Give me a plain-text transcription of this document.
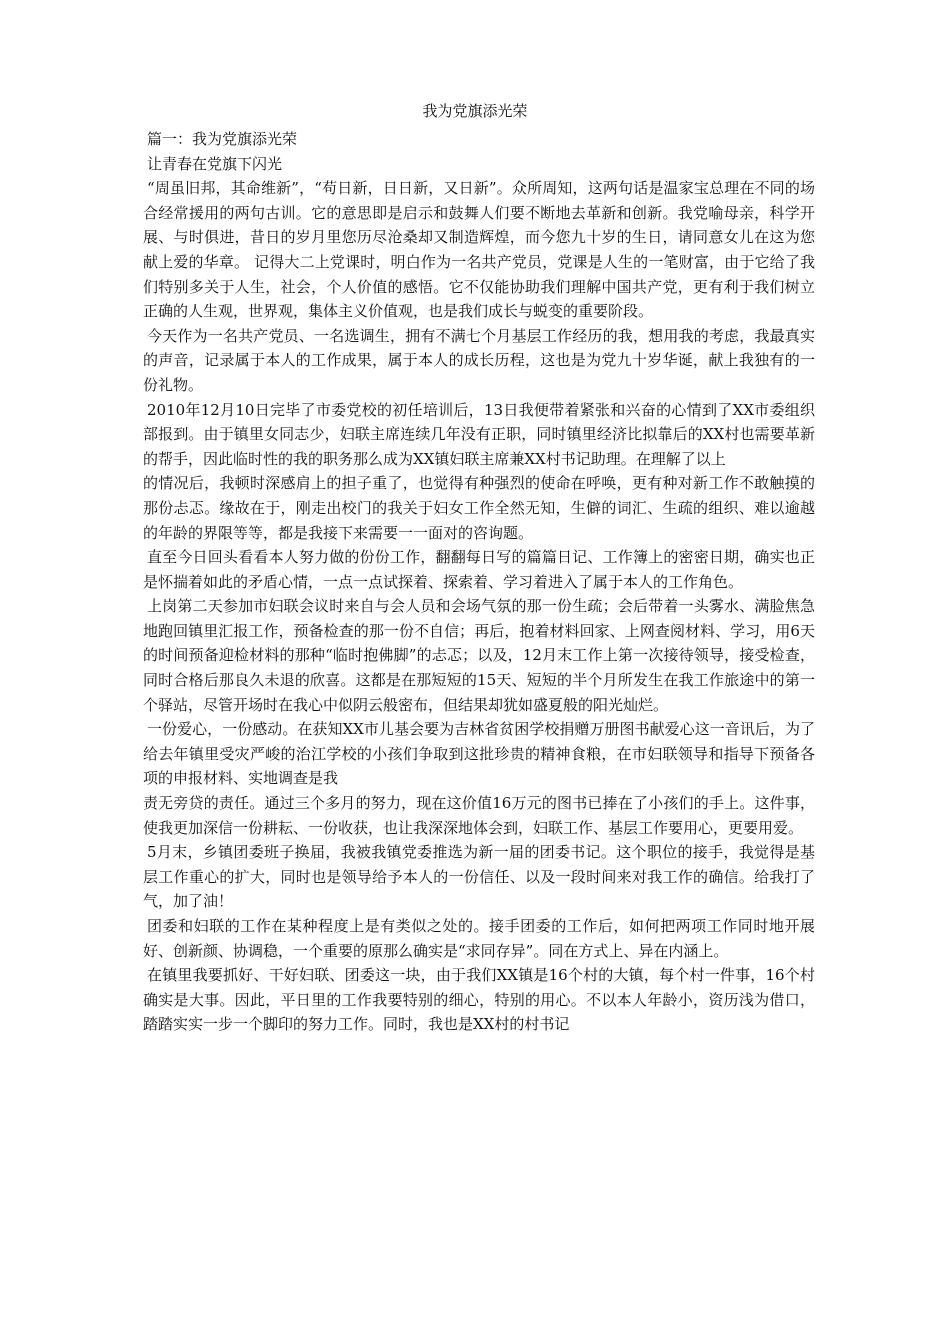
我为党旗添光荣

篇一：我为党旗添光荣

让青春在党旗下闪光

“周虽旧邦，其命维新”，“苟日新，日日新，又日新”。众所周知，这两句话是温家宝总理在不同的场合经常援用的两句古训。它的意思即是启示和鼓舞人们要不断地去革新和创新。我党喻母亲，科学开展、与时俱进，昔日的岁月里您历尽沧桑却又制造辉煌，而今您九十岁的生日，请同意女儿在这为您献上爱的华章。 记得大二上党课时，明白作为一名共产党员，党课是人生的一笔财富，由于它给了我们特别多关于人生，社会，个人价值的感悟。它不仅能协助我们理解中国共产党，更有利于我们树立正确的人生观，世界观，集体主义价值观，也是我们成长与蜕变的重要阶段。

今天作为一名共产党员、一名选调生，拥有不满七个月基层工作经历的我，想用我的考虑，我最真实的声音，记录属于本人的工作成果，属于本人的成长历程，这也是为党九十岁华诞，献上我独有的一份礼物。

2010年12月10日完毕了市委党校的初任培训后，13日我便带着紧张和兴奋的心情到了XX市委组织部报到。由于镇里女同志少，妇联主席连续几年没有正职，同时镇里经济比拟靠后的XX村也需要革新的帮手，因此临时性的我的职务那么成为XX镇妇联主席兼XX村书记助理。在理解了以上

的情况后，我顿时深感肩上的担子重了，也觉得有种强烈的使命在呼唤，更有种对新工作不敢触摸的那份忐忑。缘故在于，刚走出校门的我关于妇女工作全然无知，生僻的词汇、生疏的组织、难以逾越的年龄的界限等等，都是我接下来需要一一面对的咨询题。

直至今日回头看看本人努力做的份份工作，翻翻每日写的篇篇日记、工作簿上的密密日期，确实也正是怀揣着如此的矛盾心情，一点一点试探着、探索着、学习着进入了属于本人的工作角色。

上岗第二天参加市妇联会议时来自与会人员和会场气氛的那一份生疏；会后带着一头雾水、满脸焦急地跑回镇里汇报工作，预备检查的那一份不自信；再后，抱着材料回家、上网查阅材料、学习，用6天的时间预备迎检材料的那种“临时抱佛脚”的忐忑；以及，12月末工作上第一次接待领导，接受检查，同时合格后那良久未退的欣喜。这都是在那短短的15天、短短的半个月所发生在我工作旅途中的第一个驿站，尽管开场时在我心中似阴云般密布，但结果却犹如盛夏般的阳光灿烂。

一份爱心，一份感动。在获知XX市儿基会要为吉林省贫困学校捐赠万册图书献爱心这一音讯后，为了给去年镇里受灾严峻的治江学校的小孩们争取到这批珍贵的精神食粮，在市妇联领导和指导下预备各项的申报材料、实地调查是我

责无旁贷的责任。通过三个多月的努力，现在这价值16万元的图书已捧在了小孩们的手上。这件事，使我更加深信一份耕耘、一份收获，也让我深深地体会到，妇联工作、基层工作要用心，更要用爱。

5月末，乡镇团委班子换届，我被我镇党委推选为新一届的团委书记。这个职位的接手，我觉得是基层工作重心的扩大，同时也是领导给予本人的一份信任、以及一段时间来对我工作的确信。给我打了气，加了油！

团委和妇联的工作在某种程度上是有类似之处的。接手团委的工作后，如何把两项工作同时地开展好、创新颜、协调稳，一个重要的原那么确实是“求同存异”。同在方式上、异在内涵上。

在镇里我要抓好、干好妇联、团委这一块，由于我们XX镇是16个村的大镇，每个村一件事，16个村确实是大事。因此，平日里的工作我要特别的细心，特别的用心。不以本人年龄小，资历浅为借口，踏踏实实一步一个脚印的努力工作。同时，我也是XX村的村书记
